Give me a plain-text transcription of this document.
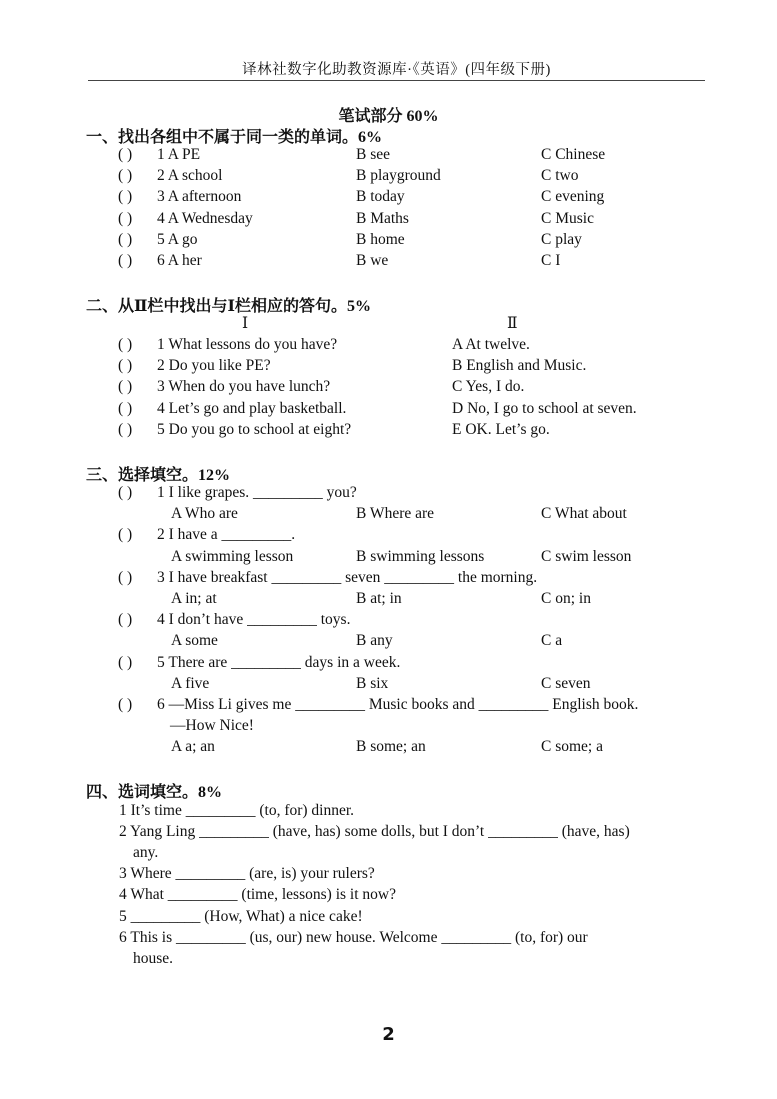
译林社数字化助教资源库·《英语》(四年级下册)
笔试部分 60%
一、找出各组中不属于同一类的单词。6%
( ) 1 A PE	B see	C Chinese
( ) 2 A school	B playground	C two
( ) 3 A afternoon	B today	C evening
( ) 4 A Wednesday	B Maths	C Music
( ) 5 A go	B home	C play
( ) 6 A her	B we	C I
二、从Ⅱ栏中找出与Ⅰ栏相应的答句。5%
Ⅰ	Ⅱ
( ) 1 What lessons do you have?	A At twelve.
( ) 2 Do you like PE?	B English and Music.
( ) 3 When do you have lunch?	C Yes, I do.
( ) 4 Let’s go and play basketball.	D No, I go to school at seven.
( ) 5 Do you go to school at eight?	E OK. Let’s go.
三、选择填空。12%
( ) 1 I like grapes. _________ you?
A Who are	B Where are	C What about
( ) 2 I have a _________.
A swimming lesson	B swimming lessons	C swim lesson
( ) 3 I have breakfast _________ seven _________ the morning.
A in; at	B at; in	C on; in
( ) 4 I don’t have _________ toys.
A some	B any	C a
( ) 5 There are _________ days in a week.
A five	B six	C seven
( ) 6 —Miss Li gives me _________ Music books and _________ English book.
—How Nice!
A a; an	B some; an	C some; a
四、选词填空。8%
1 It’s time _________ (to, for) dinner.
2 Yang Ling _________ (have, has) some dolls, but I don’t _________ (have, has)
any.
3 Where _________ (are, is) your rulers?
4 What _________ (time, lessons) is it now?
5 _________ (How, What) a nice cake!
6 This is _________ (us, our) new house. Welcome _________ (to, for) our
house.
2
